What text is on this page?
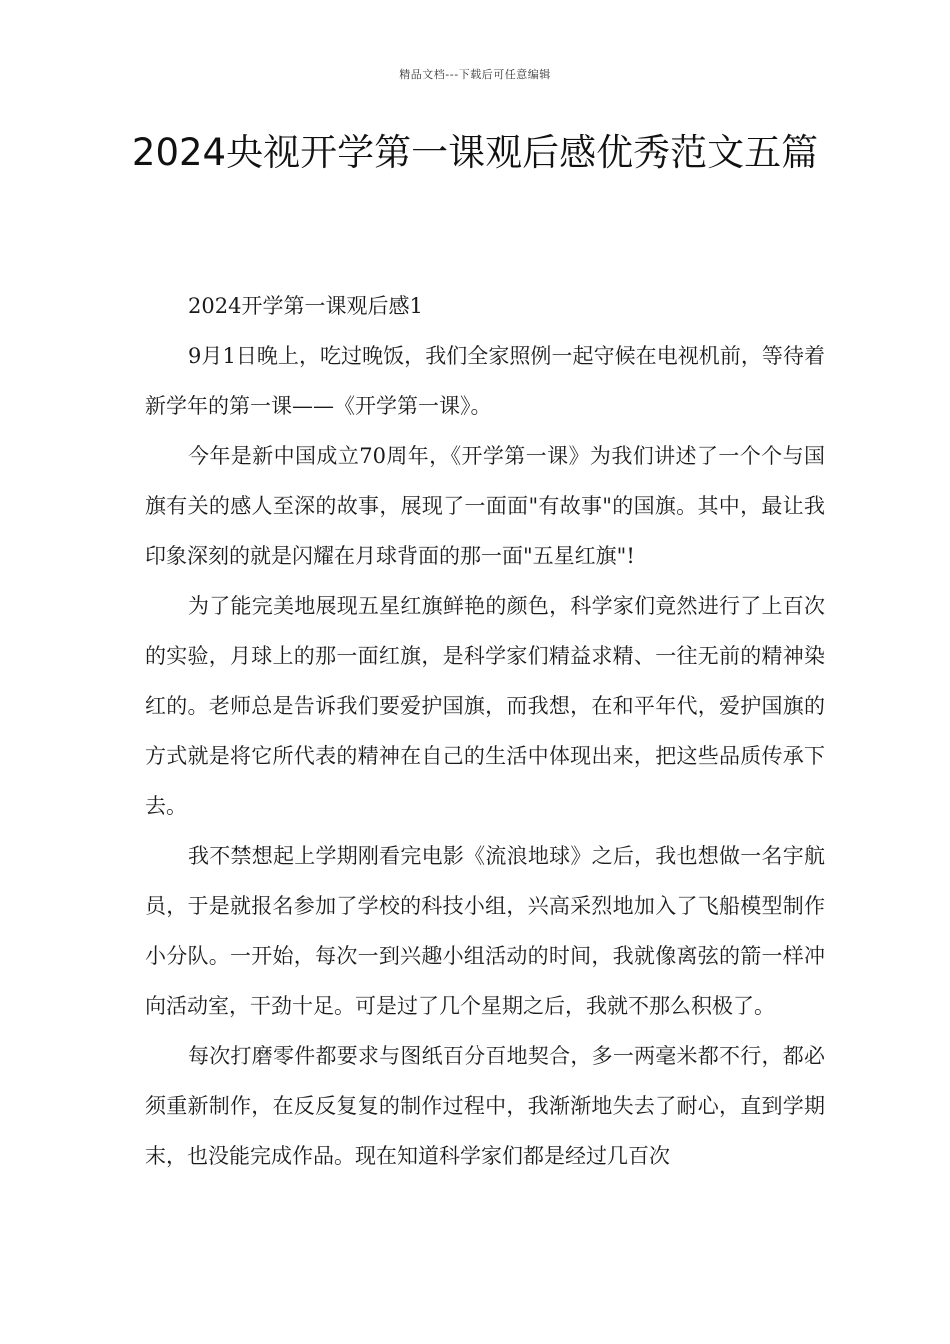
精品文档---下载后可任意编辑
2024央视开学第一课观后感优秀范文五篇

2024开学第一课观后感1

9月1日晚上，吃过晚饭，我们全家照例一起守候在电视机前，等待着新学年的第一课——《开学第一课》。

今年是新中国成立70周年，《开学第一课》为我们讲述了一个个与国旗有关的感人至深的故事，展现了一面面"有故事"的国旗。其中，最让我印象深刻的就是闪耀在月球背面的那一面"五星红旗"!

为了能完美地展现五星红旗鲜艳的颜色，科学家们竟然进行了上百次的实验，月球上的那一面红旗，是科学家们精益求精、一往无前的精神染红的。老师总是告诉我们要爱护国旗，而我想，在和平年代，爱护国旗的方式就是将它所代表的精神在自己的生活中体现出来，把这些品质传承下去。

我不禁想起上学期刚看完电影《流浪地球》之后，我也想做一名宇航员，于是就报名参加了学校的科技小组，兴高采烈地加入了飞船模型制作小分队。一开始，每次一到兴趣小组活动的时间，我就像离弦的箭一样冲向活动室，干劲十足。可是过了几个星期之后，我就不那么积极了。

每次打磨零件都要求与图纸百分百地契合，多一两毫米都不行，都必须重新制作，在反反复复的制作过程中，我渐渐地失去了耐心，直到学期末，也没能完成作品。现在知道科学家们都是经过几百次
